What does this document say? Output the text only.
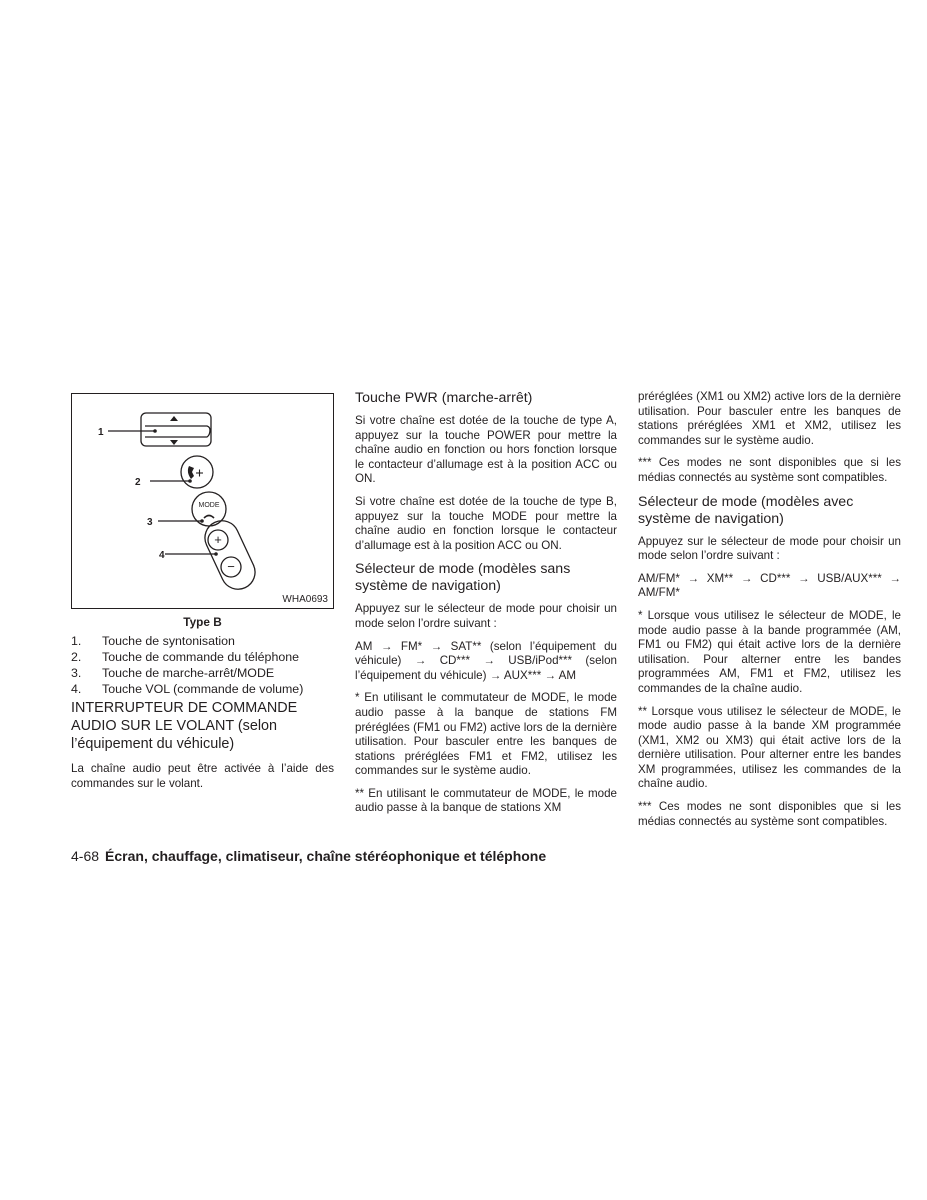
MODE
+
−
1
2
3
4
WHA0693
Type B
1.	Touche de syntonisation
2.	Touche de commande du téléphone
3.	Touche de marche-arrêt/MODE
4.	Touche VOL (commande de volume)
INTERRUPTEUR DE COMMANDE AUDIO SUR LE VOLANT (selon l’équipement du véhicule)

La chaîne audio peut être activée à l’aide des commandes sur le volant.

Touche PWR (marche-arrêt)

Si votre chaîne est dotée de la touche de type A, appuyez sur la touche POWER pour mettre la chaîne audio en fonction ou hors fonction lorsque le contacteur d’allumage est à la position ACC ou ON.

Si votre chaîne est dotée de la touche de type B, appuyez sur la touche MODE pour mettre la chaîne audio en fonction lorsque le contacteur d’allumage est à la position ACC ou ON.

Sélecteur de mode (modèles sans système de navigation)

Appuyez sur le sélecteur de mode pour choisir un mode selon l’ordre suivant :

AM → FM* → SAT** (selon l’équipement du véhicule) → CD*** → USB/iPod*** (selon l’équipement du véhicule) → AUX*** → AM

* En utilisant le commutateur de MODE, le mode audio passe à la banque de stations FM préréglées (FM1 ou FM2) active lors de la dernière utilisation. Pour basculer entre les banques de stations préréglées FM1 et FM2, utilisez les commandes sur le système audio.

** En utilisant le commutateur de MODE, le mode audio passe à la banque de stations XM

préréglées (XM1 ou XM2) active lors de la dernière utilisation. Pour basculer entre les banques de stations préréglées XM1 et XM2, utilisez les commandes sur le système audio.

*** Ces modes ne sont disponibles que si les médias connectés au système sont compatibles.

Sélecteur de mode (modèles avec système de navigation)

Appuyez sur le sélecteur de mode pour choisir un mode selon l’ordre suivant :

AM/FM* → XM** → CD*** → USB/AUX*** → AM/FM*

* Lorsque vous utilisez le sélecteur de MODE, le mode audio passe à la bande programmée (AM, FM1 ou FM2) qui était active lors de la dernière utilisation. Pour alterner entre les bandes programmées AM, FM1 et FM2, utilisez les commandes de la chaîne audio.

** Lorsque vous utilisez le sélecteur de MODE, le mode audio passe à la bande XM programmée (XM1, XM2 ou XM3) qui était active lors de la dernière utilisation. Pour alterner entre les bandes XM programmées, utilisez les commandes de la chaîne audio.

*** Ces modes ne sont disponibles que si les médias connectés au système sont compatibles.

4-68 Écran, chauffage, climatiseur, chaîne stéréophonique et téléphone
